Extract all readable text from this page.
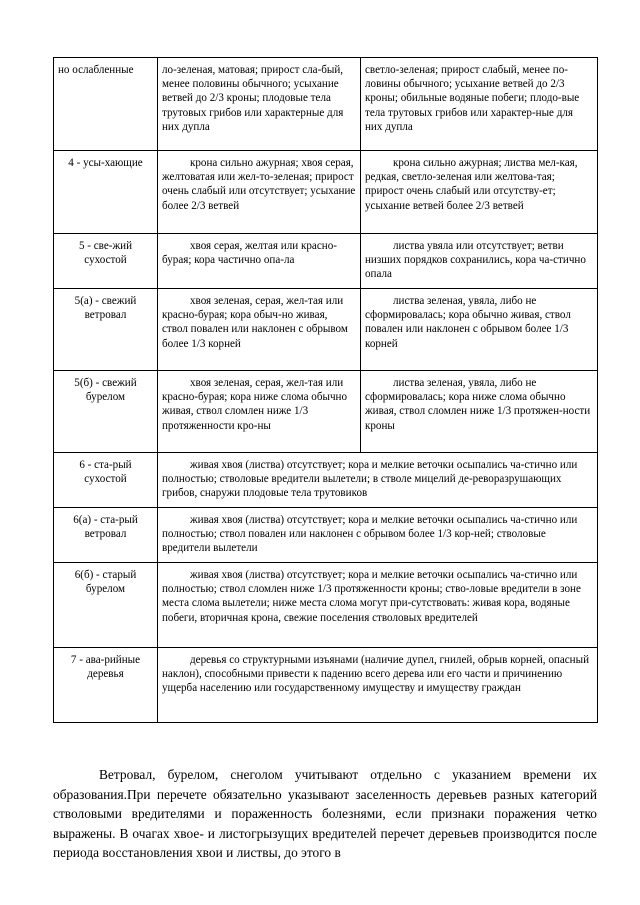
но ослабленные	ло-зеленая, матовая; прирост сла-бый, менее половины обычного; усыхание ветвей до 2/3 кроны; плодовые тела трутовых грибов или характерные для них дупла	светло-зеленая; прирост слабый, менее по-ловины обычного; усыхание ветвей до 2/3 кроны; обильные водяные побеги; плодо-вые тела трутовых грибов или характер-ные для них дупла
4 - усы-хающие	крона сильно ажурная; хвоя серая, желтоватая или жел-то-зеленая; прирост очень слабый или отсутствует; усыхание более 2/3 ветвей	крона сильно ажурная; листва мел-кая, редкая, светло-зеленая или желтова-тая; прирост очень слабый или отсутству-ет; усыхание ветвей более 2/3 ветвей
5 - све-жий сухостой	хвоя серая, желтая или красно-бурая; кора частично опа-ла	листва увяла или отсутствует; ветви низших порядков сохранились, кора ча-стично опала
5(а) - свежий ветровал	хвоя зеленая, серая, жел-тая или красно-бурая; кора обыч-но живая, ствол повален или наклонен с обрывом более 1/3 корней	листва зеленая, увяла, либо не сформировалась; кора обычно живая, ствол повален или наклонен с обрывом более 1/3 корней
5(б) - свежий бурелом	хвоя зеленая, серая, жел-тая или красно-бурая; кора ниже слома обычно живая, ствол сломлен ниже 1/3 протяженности кро-ны	листва зеленая, увяла, либо не сформировалась; кора ниже слома обычно живая, ствол сломлен ниже 1/3 протяжен-ности кроны
6 - ста-рый сухостой	живая хвоя (листва) отсутствует; кора и мелкие веточки осыпались ча-стично или полностью; стволовые вредители вылетели; в стволе мицелий де-реворазрушающих грибов, снаружи плодовые тела трутовиков	
6(а) - ста-рый ветровал	живая хвоя (листва) отсутствует; кора и мелкие веточки осыпались ча-стично или полностью; ствол повален или наклонен с обрывом более 1/3 кор-ней; стволовые вредители вылетели	
6(б) - старый бурелом	живая хвоя (листва) отсутствует; кора и мелкие веточки осыпались ча-стично или полностью; ствол сломлен ниже 1/3 протяженности кроны; ство-ловые вредители в зоне места слома вылетели; ниже места слома могут при-сутствовать: живая кора, водяные побеги, вторичная крона, свежие поселения стволовых вредителей	
7 - ава-рийные деревья	деревья со структурными изъянами (наличие дупел, гнилей, обрыв корней, опасный наклон), способными привести к падению всего дерева или его части и причинению ущерба населению или государственному имуществу и имуществу граждан	

Ветровал, бурелом, снеголом учитывают отдельно с указанием времени их образования.При перечете обязательно указывают заселенность деревьев разных категорий стволовыми вредителями и пораженность болезнями, если признаки поражения четко выражены. В очагах хвое- и листогрызущих вредителей перечет деревьев производится после периода восстановления хвои и листвы, до этого в
